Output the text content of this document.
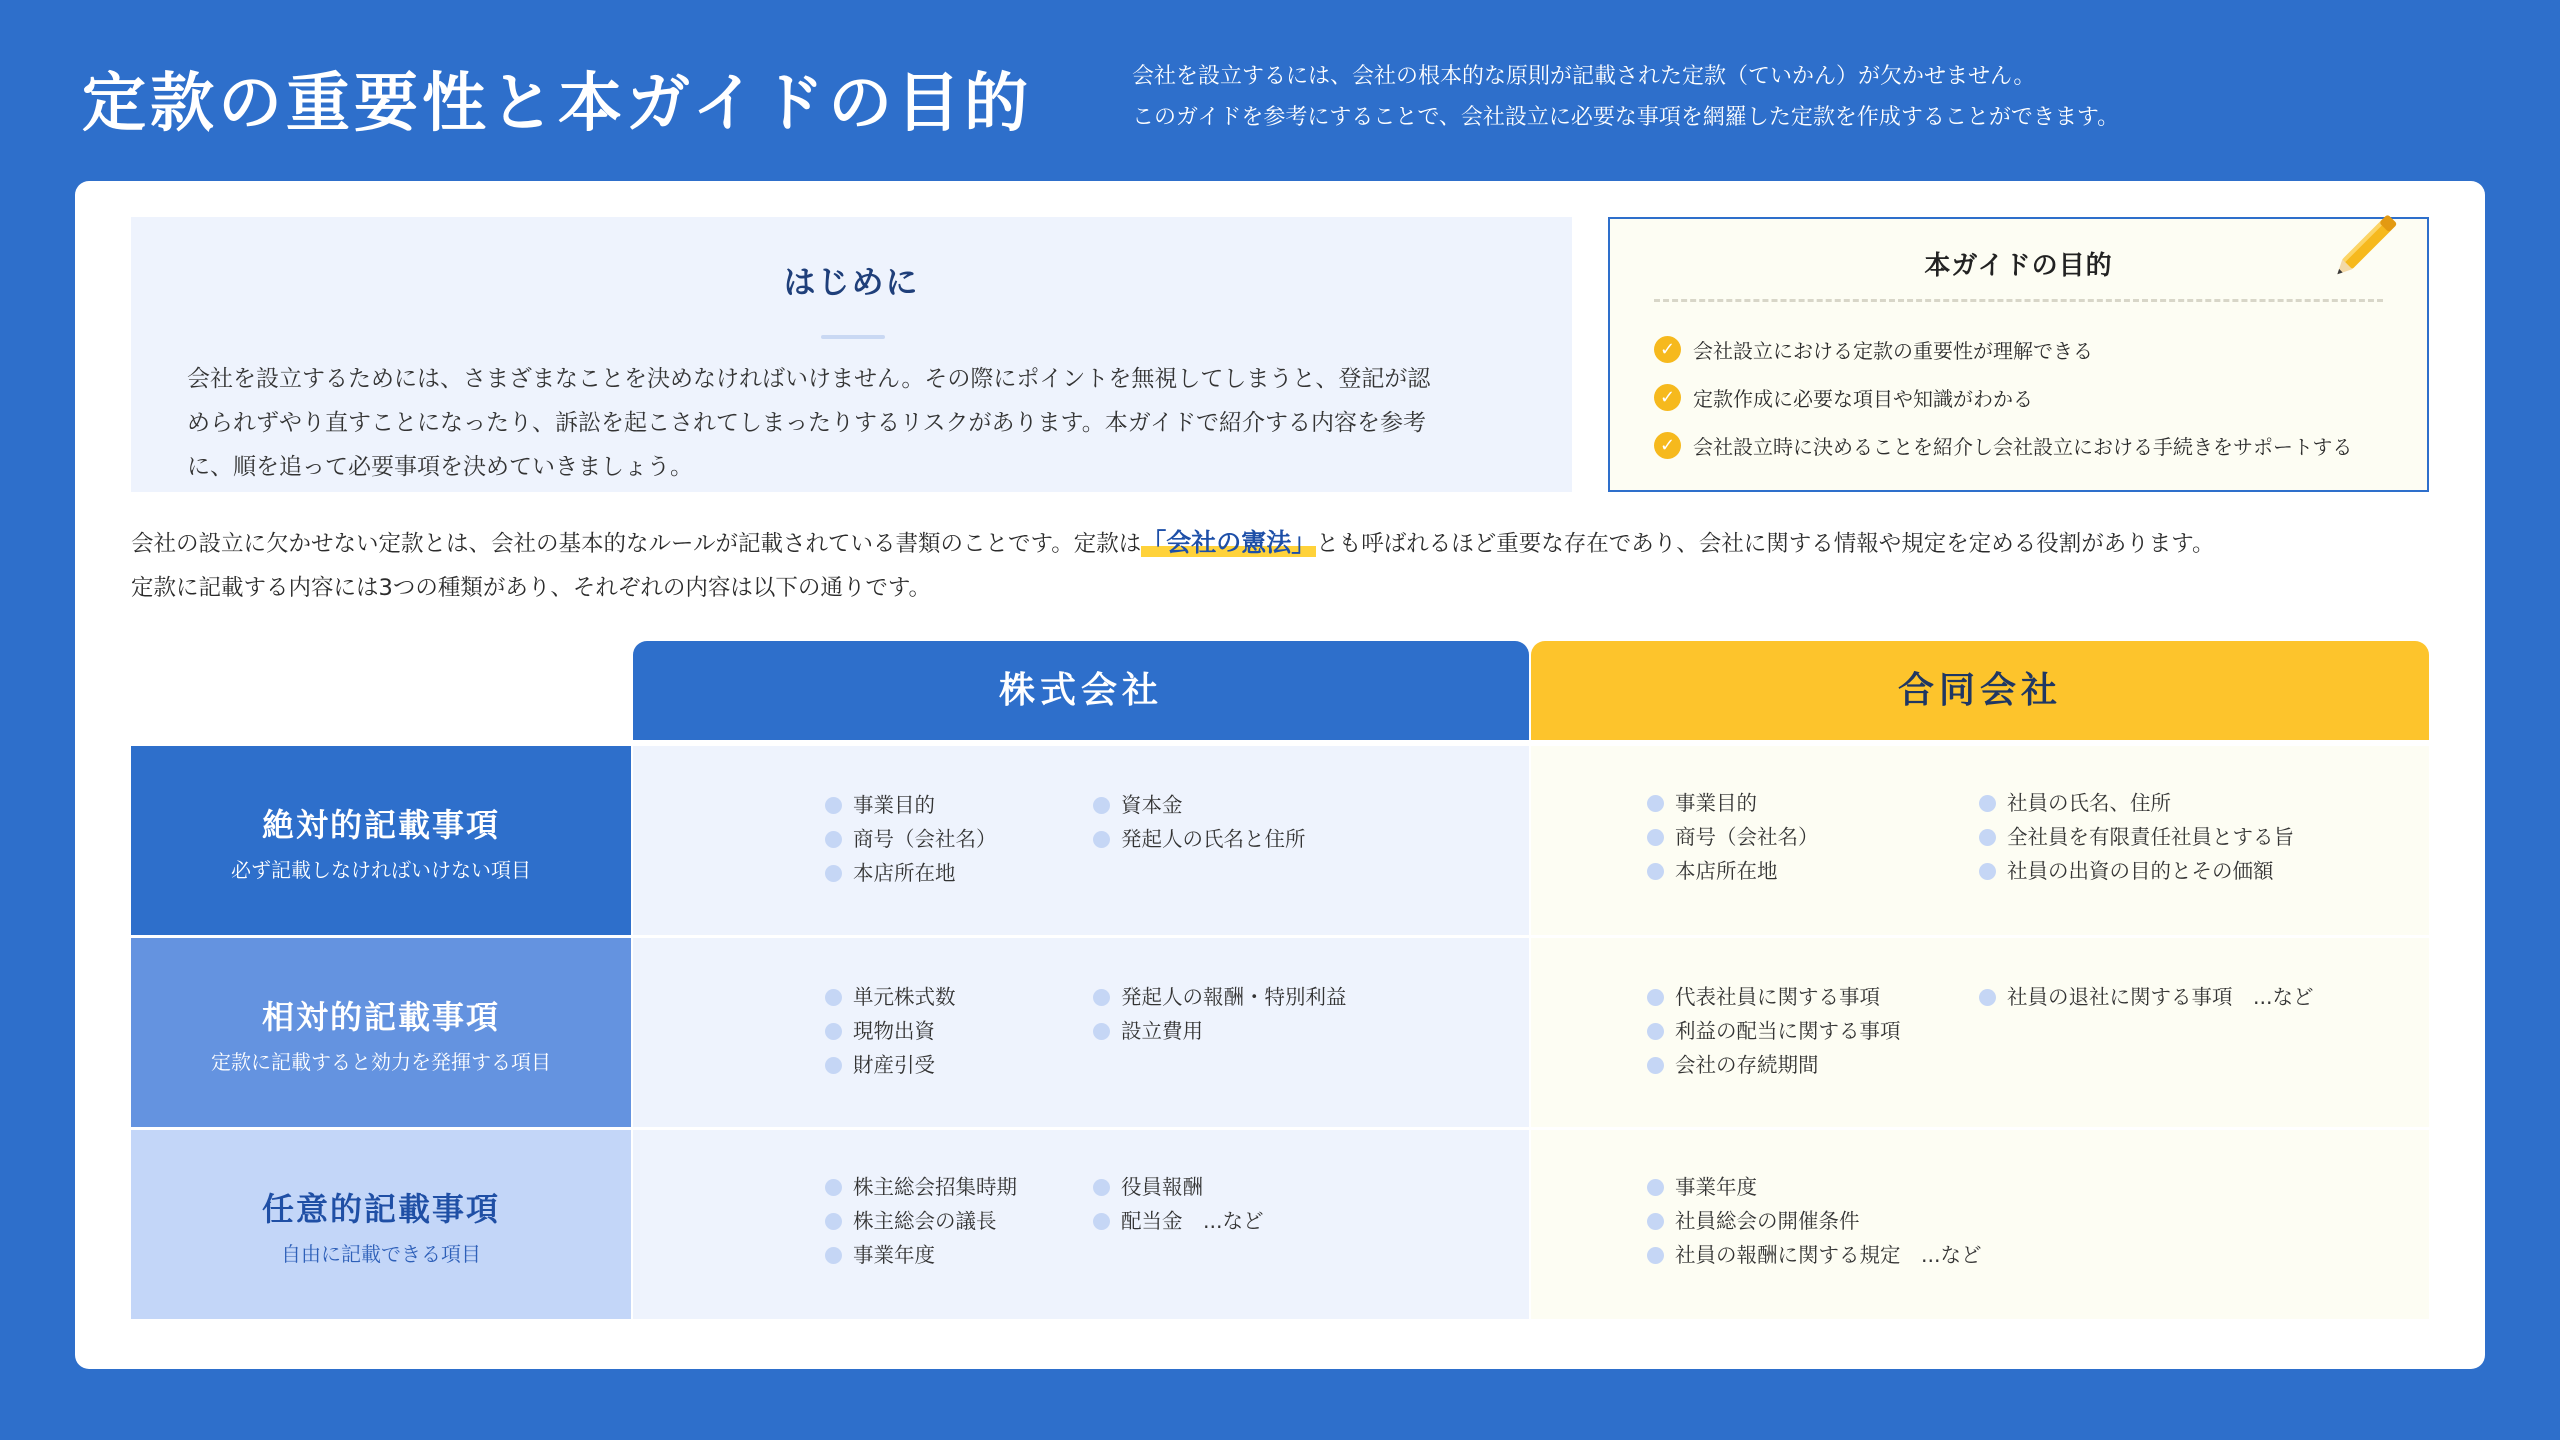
定款の重要性と本ガイドの目的	会社を設立するには、会社の根本的な原則が記載された定款（ていかん）が欠かせません。
このガイドを参考にすることで、会社設立に必要な事項を網羅した定款を作成することができます。
はじめに
会社を設立するためには、さまざまなことを決めなければいけません。その際にポイントを無視してしまうと、登記が認
められずやり直すことになったり、訴訟を起こされてしまったりするリスクがあります。本ガイドで紹介する内容を参考
に、順を追って必要事項を決めていきましょう。
本ガイドの目的
✓ 会社設立における定款の重要性が理解できる
✓ 定款作成に必要な項目や知識がわかる
✓ 会社設立時に決めることを紹介し会社設立における手続きをサポートする
会社の設立に欠かせない定款とは、会社の基本的なルールが記載されている書類のことです。定款は「会社の憲法」とも呼ばれるほど重要な存在であり、会社に関する情報や規定を定める役割があります。
定款に記載する内容には3つの種類があり、それぞれの内容は以下の通りです。
株式会社	合同会社
絶対的記載事項
必ず記載しなければいけない項目
事業目的
商号（会社名）
本店所在地
資本金
発起人の氏名と住所
事業目的
商号（会社名）
本店所在地
社員の氏名、住所
全社員を有限責任社員とする旨
社員の出資の目的とその価額
相対的記載事項
定款に記載すると効力を発揮する項目
単元株式数
現物出資
財産引受
発起人の報酬・特別利益
設立費用
代表社員に関する事項
利益の配当に関する事項
会社の存続期間
社員の退社に関する事項　...など
任意的記載事項
自由に記載できる項目
株主総会招集時期
株主総会の議長
事業年度
役員報酬
配当金　...など
事業年度
社員総会の開催条件
社員の報酬に関する規定　...など
